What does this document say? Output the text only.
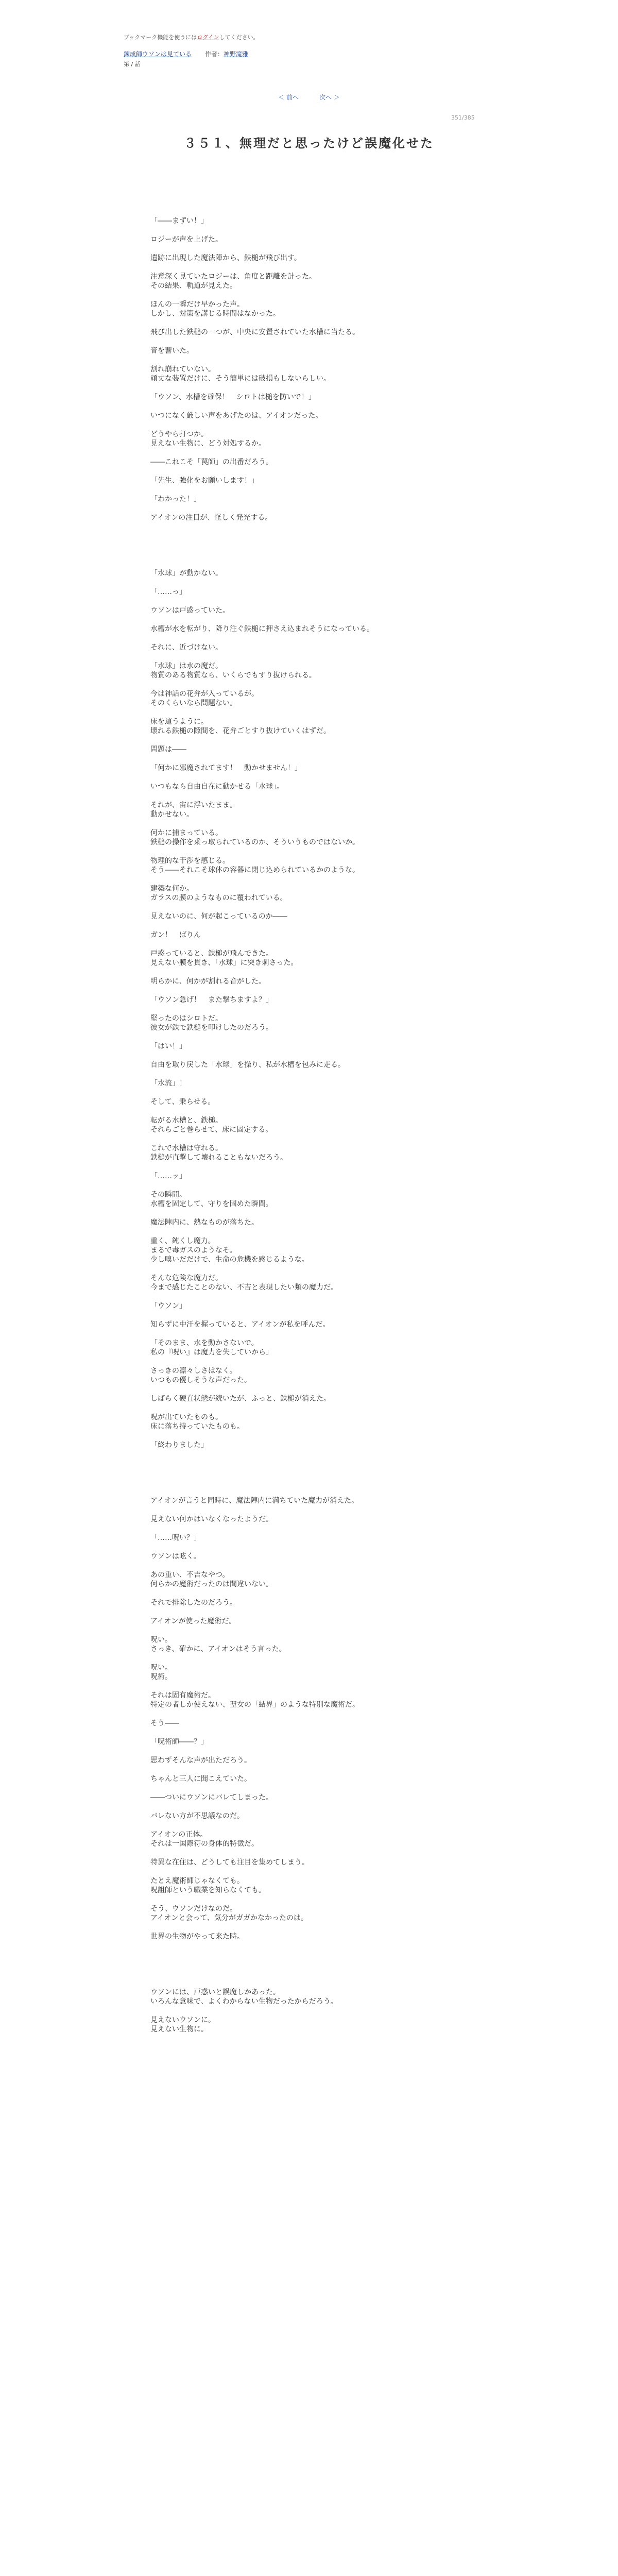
ブックマーク機能を使うにはログインしてください。
錬成師ウソンは見ている 作者：神野滝雅
第 / 話
＜ 前へ	次へ ＞
351/385
３５１、無理だと思ったけど誤魔化せた
「――まずい！」
ロジーが声を上げた。
遺跡に出現した魔法陣から、鉄槌が飛び出す。
注意深く見ていたロジーは、角度と距離を計った。
その結果、軌道が見えた。
ほんの一瞬だけ早かった声。
しかし、対策を講じる時間はなかった。
飛び出した鉄槌の一つが、中央に安置されていた水槽に当たる。
音を響いた。
割れ崩れていない。
頑丈な装置だけに、そう簡単には破損もしないらしい。
「ウソン、水槽を確保！　シロトは槌を防いで！」
いつになく厳しい声をあげたのは、アイオンだった。
どうやら打つか。
見えない生物に、どう対処するか。
――これこそ「罠師」の出番だろう。
「先生、強化をお願いします！」
「わかった！」
アイオンの注目が、怪しく発光する。
「水球」が動かない。
「……っ」
ウソンは戸惑っていた。
水槽が水を転がり、降り注ぐ鉄槌に押さえ込まれそうになっている。
それに、近づけない。
「水球」は水の魔だ。
物質のある物質なら、いくらでもすり抜けられる。
今は神話の花弁が入っているが。
そのくらいなら問題ない。
床を這うように。
壊れる鉄槌の隙間を、花弁ごとすり抜けていくはずだ。
問題は――
「何かに邪魔されてます！　動かせません！」
いつもなら自由自在に動かせる「水球」。
それが、宙に浮いたまま。
動かせない。
何かに捕まっている。
鉄槌の操作を乗っ取られているのか、そういうものではないか。
物理的な干渉を感じる。
そう――それこそ球体の容器に閉じ込められているかのような。
建築な何か。
ガラスの膜のようなものに覆われている。
見えないのに、何が起こっているのか――
ガン！　ばりん
戸惑っていると、鉄槌が飛んできた。
見えない膜を貫き、「水球」に突き刺さった。
明らかに、何かが割れる音がした。
「ウソン急げ！　また撃ちますよ？」
堅ったのはシロトだ。
彼女が鉄で鉄槌を叩けしたのだろう。
「はい！」
自由を取り戻した「水球」を操り、私が水槽を包みに走る。
「水流」！
そして、乗らせる。
転がる水槽と、鉄槌。
それらごと巻らせて、床に固定する。
これで水槽は守れる。
鉄槌が直撃して壊れることもないだろう。
「……ッ」
その瞬間。
水槽を固定して、守りを固めた瞬間。
魔法陣内に、熱なものが落ちた。
重く、鈍くし魔力。
まるで毒ガスのようなそ。
少し嗅いだだけで、生命の危機を感じるような。
そんな危険な魔力だ。
今まで感じたことのない、不吉と表現したい類の魔力だ。
「ウソン」
知らずに中汗を握っていると、アイオンが私を呼んだ。
「そのまま、水を動かさないで。
私の『呪い』は魔力を失していから」
さっきの凛々しさはなく。
いつもの優しそうな声だった。
しばらく硬直状態が続いたが、ふっと、鉄槌が消えた。
呪が出ていたものも。
床に落ち持っていたものも。
「終わりました」
アイオンが言うと同時に、魔法陣内に満ちていた魔力が消えた。
見えない何かはいなくなったようだ。
「……呪い？」
ウソンは呟く。
あの重い、不吉なやつ。
何らかの魔術だったのは間違いない。
それで排除したのだろう。
アイオンが使った魔術だ。
呪い。
さっき、確かに、アイオンはそう言った。
呪い。
呪術。
それは固有魔術だ。
特定の者しか使えない、聖女の「結界」のような特別な魔術だ。
そう――
「呪術師――？」
思わずそんな声が出ただろう。
ちゃんと三人に聞こえていた。
――ついにウソンにバレてしまった。
バレない方が不思議なのだ。
アイオンの正体。
それは一国際符の身体的特徴だ。
特異な在住は、どうしても注目を集めてしまう。
たとえ魔術師じゃなくても。
呪詛師という職業を知らなくても。
そう、ウソンだけなのだ。
アイオンと会って、気分がガガかなかったのは。
世界の生物がやって来た時。
ウソンには、戸惑いと誤魔しかあった。
いろんな意味で、よくわからない生物だったからだろう。
見えないウソンに。
見えない生物に。
